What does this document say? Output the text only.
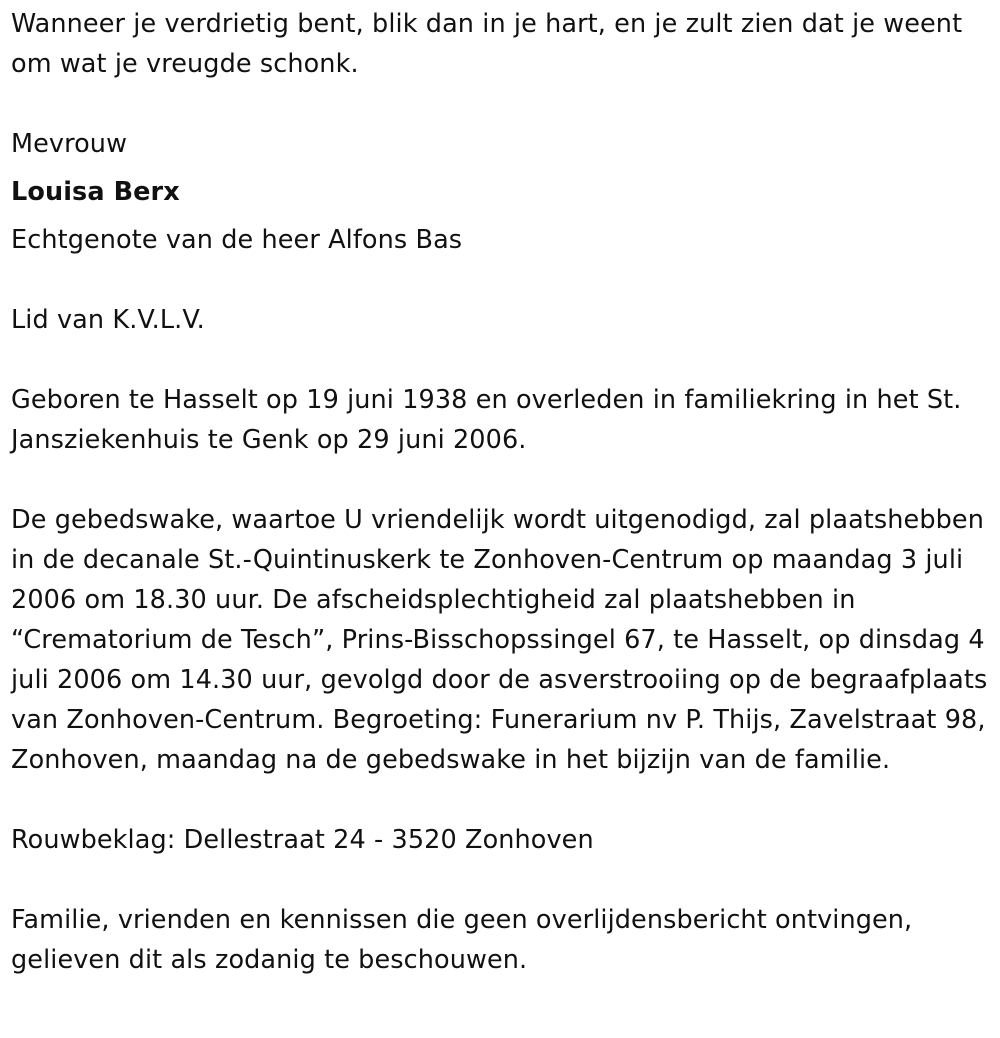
Wanneer je verdrietig bent, blik dan in je hart, en je zult zien dat je weent om wat je vreugde schonk.

Mevrouw

Louisa Berx

Echtgenote van de heer Alfons Bas

Lid van K.V.L.V.

Geboren te Hasselt op 19 juni 1938 en overleden in familiekring in het St. Jansziekenhuis te Genk op 29 juni 2006.

De gebedswake, waartoe U vriendelijk wordt uitgenodigd, zal plaatshebben in de decanale St.-Quintinuskerk te Zonhoven-Centrum op maandag 3 juli 2006 om 18.30 uur. De afscheidsplechtigheid zal plaatshebben in “Crematorium de Tesch”, Prins-Bisschopssingel 67, te Hasselt, op dinsdag 4 juli 2006 om 14.30 uur, gevolgd door de asverstrooiing op de begraafplaats van Zonhoven-Centrum. Begroeting: Funerarium nv P. Thijs, Zavelstraat 98, Zonhoven, maandag na de gebedswake in het bijzijn van de familie.

Rouwbeklag: Dellestraat 24 - 3520 Zonhoven

Familie, vrienden en kennissen die geen overlijdensbericht ontvingen, gelieven dit als zodanig te beschouwen.
